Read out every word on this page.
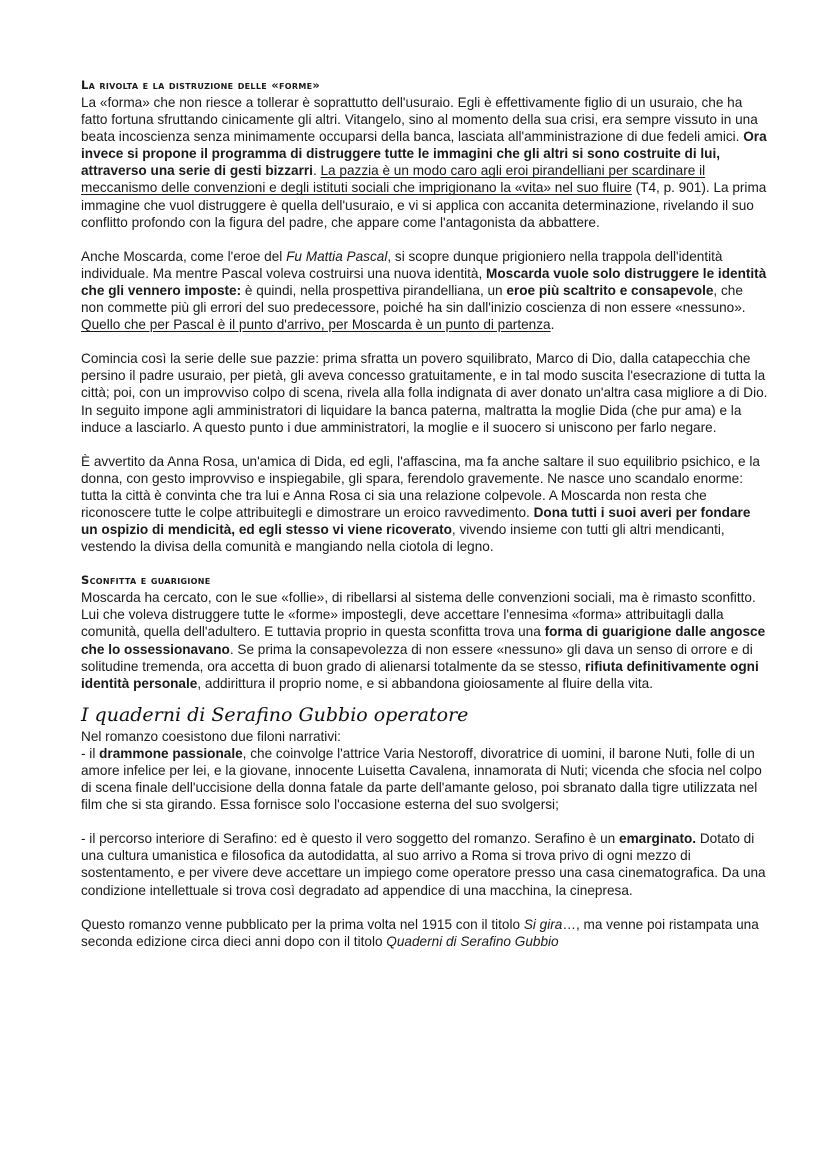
La rivolta e la distruzione delle «forme»

La «forma» che non riesce a tollerar è soprattutto dell'usuraio. Egli è effettivamente figlio di un usuraio, che ha fatto fortuna sfruttando cinicamente gli altri. Vitangelo, sino al momento della sua crisi, era sempre vissuto in una beata incoscienza senza minimamente occuparsi della banca, lasciata all'amministrazione di due fedeli amici. Ora invece si propone il programma di distruggere tutte le immagini che gli altri si sono costruite di lui, attraverso una serie di gesti bizzarri. La pazzia è un modo caro agli eroi pirandelliani per scardinare il meccanismo delle convenzioni e degli istituti sociali che imprigionano la «vita» nel suo fluire (T4, p. 901). La prima immagine che vuol distruggere è quella dell'usuraio, e vi si applica con accanita determinazione, rivelando il suo conflitto profondo con la figura del padre, che appare come l'antagonista da abbattere.

Anche Moscarda, come l'eroe del Fu Mattia Pascal, si scopre dunque prigioniero nella trappola dell'identità individuale. Ma mentre Pascal voleva costruirsi una nuova identità, Moscarda vuole solo distruggere le identità che gli vennero imposte: è quindi, nella prospettiva pirandelliana, un eroe più scaltrito e consapevole, che non commette più gli errori del suo predecessore, poiché ha sin dall'inizio coscienza di non essere «nessuno». Quello che per Pascal è il punto d'arrivo, per Moscarda è un punto di partenza.

Comincia così la serie delle sue pazzie: prima sfratta un povero squilibrato, Marco di Dio, dalla catapecchia che persino il padre usuraio, per pietà, gli aveva concesso gratuitamente, e in tal modo suscita l'esecrazione di tutta la città; poi, con un improvviso colpo di scena, rivela alla folla indignata di aver donato un'altra casa migliore a di Dio. In seguito impone agli amministratori di liquidare la banca paterna, maltratta la moglie Dida (che pur ama) e la induce a lasciarlo. A questo punto i due amministratori, la moglie e il suocero si uniscono per farlo negare.

È avvertito da Anna Rosa, un'amica di Dida, ed egli, l'affascina, ma fa anche saltare il suo equilibrio psichico, e la donna, con gesto improvviso e inspiegabile, gli spara, ferendolo gravemente. Ne nasce uno scandalo enorme: tutta la città è convinta che tra lui e Anna Rosa ci sia una relazione colpevole. A Moscarda non resta che riconoscere tutte le colpe attribuitegli e dimostrare un eroico ravvedimento. Dona tutti i suoi averi per fondare un ospizio di mendicità, ed egli stesso vi viene ricoverato, vivendo insieme con tutti gli altri mendicanti, vestendo la divisa della comunità e mangiando nella ciotola di legno.

Sconfitta e guarigione

Moscarda ha cercato, con le sue «follie», di ribellarsi al sistema delle convenzioni sociali, ma è rimasto sconfitto. Lui che voleva distruggere tutte le «forme» impostegli, deve accettare l'ennesima «forma» attribuitagli dalla comunità, quella dell'adultero. E tuttavia proprio in questa sconfitta trova una forma di guarigione dalle angosce che lo ossessionavano. Se prima la consapevolezza di non essere «nessuno» gli dava un senso di orrore e di solitudine tremenda, ora accetta di buon grado di alienarsi totalmente da se stesso, rifiuta definitivamente ogni identità personale, addirittura il proprio nome, e si abbandona gioiosamente al fluire della vita.

I quaderni di Serafino Gubbio operatore

Nel romanzo coesistono due filoni narrativi:

- il drammone passionale, che coinvolge l'attrice Varia Nestoroff, divoratrice di uomini, il barone Nuti, folle di un amore infelice per lei, e la giovane, innocente Luisetta Cavalena, innamorata di Nuti; vicenda che sfocia nel colpo di scena finale dell'uccisione della donna fatale da parte dell'amante geloso, poi sbranato dalla tigre utilizzata nel film che si sta girando. Essa fornisce solo l'occasione esterna del suo svolgersi;

- il percorso interiore di Serafino: ed è questo il vero soggetto del romanzo. Serafino è un emarginato. Dotato di una cultura umanistica e filosofica da autodidatta, al suo arrivo a Roma si trova privo di ogni mezzo di sostentamento, e per vivere deve accettare un impiego come operatore presso una casa cinematografica. Da una condizione intellettuale si trova così degradato ad appendice di una macchina, la cinepresa.

Questo romanzo venne pubblicato per la prima volta nel 1915 con il titolo Si gira…, ma venne poi ristampata una seconda edizione circa dieci anni dopo con il titolo Quaderni di Serafino Gubbio
